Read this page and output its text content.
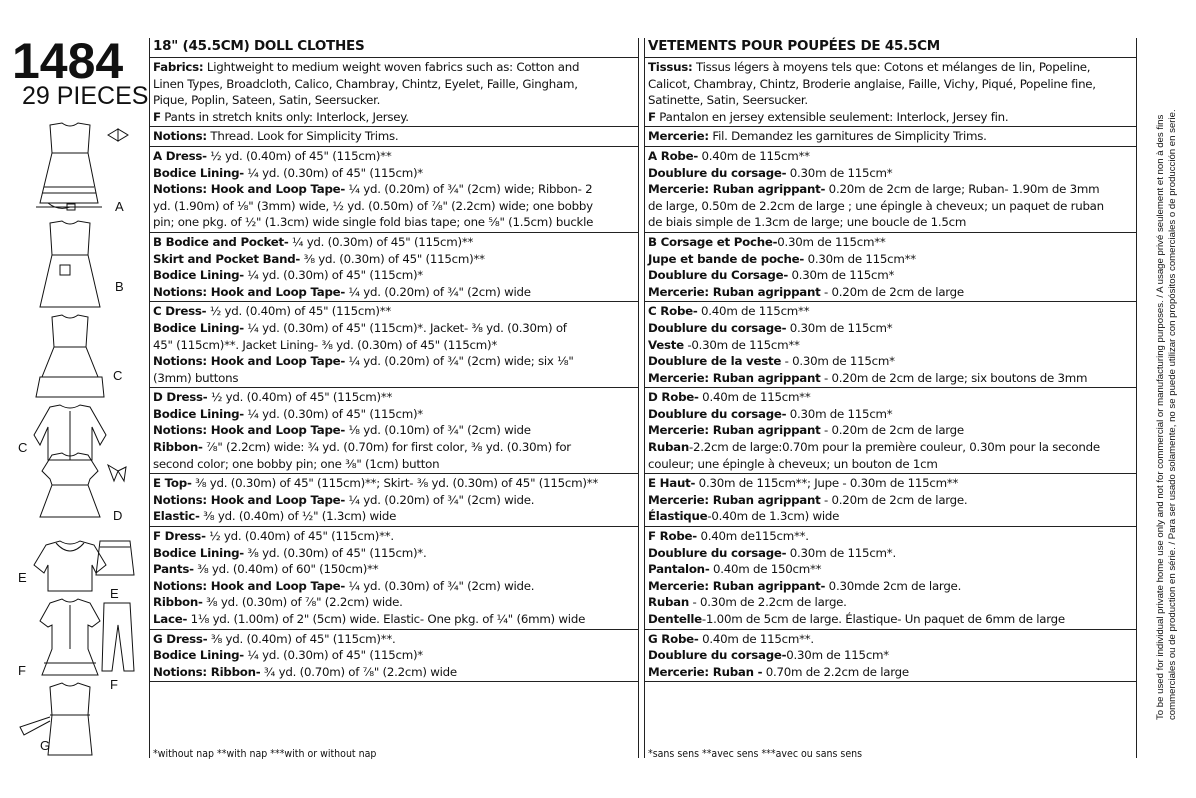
1484
29 PIECES
A
B
C
C
D
E
E
F
F
G
18" (45.5CM) DOLL CLOTHES
Fabrics: Lightweight to medium weight woven fabrics such as: Cotton and
Linen Types, Broadcloth, Calico, Chambray, Chintz, Eyelet, Faille, Gingham,
Pique, Poplin, Sateen, Satin, Seersucker.
F Pants in stretch knits only: Interlock, Jersey.
Notions: Thread. Look for Simplicity Trims.
A Dress- ½ yd. (0.40m) of 45" (115cm)**
Bodice Lining- ¼ yd. (0.30m) of 45" (115cm)*
Notions: Hook and Loop Tape- ¼ yd. (0.20m) of ¾" (2cm) wide; Ribbon- 2
yd. (1.90m) of ⅛" (3mm) wide, ½ yd. (0.50m) of ⅞" (2.2cm) wide; one bobby
pin; one pkg. of ½" (1.3cm) wide single fold bias tape; one ⅝" (1.5cm) buckle
B Bodice and Pocket- ¼ yd. (0.30m) of 45" (115cm)**
Skirt and Pocket Band- ⅜ yd. (0.30m) of 45" (115cm)**
Bodice Lining- ¼ yd. (0.30m) of 45" (115cm)*
Notions: Hook and Loop Tape- ¼ yd. (0.20m) of ¾" (2cm) wide
C Dress- ½ yd. (0.40m) of 45" (115cm)**
Bodice Lining- ¼ yd. (0.30m) of 45" (115cm)*. Jacket- ⅜ yd. (0.30m) of
45" (115cm)**. Jacket Lining- ⅜ yd. (0.30m) of 45" (115cm)*
Notions: Hook and Loop Tape- ¼ yd. (0.20m) of ¾" (2cm) wide; six ⅛"
(3mm) buttons
D Dress- ½ yd. (0.40m) of 45" (115cm)**
Bodice Lining- ¼ yd. (0.30m) of 45" (115cm)*
Notions: Hook and Loop Tape- ⅛ yd. (0.10m) of ¾" (2cm) wide
Ribbon- ⅞" (2.2cm) wide: ¾ yd. (0.70m) for first color, ⅜ yd. (0.30m) for
second color; one bobby pin; one ⅜" (1cm) button
E Top- ⅜ yd. (0.30m) of 45" (115cm)**; Skirt- ⅜ yd. (0.30m) of 45" (115cm)**
Notions: Hook and Loop Tape- ¼ yd. (0.20m) of ¾" (2cm) wide.
Elastic- ⅜ yd. (0.40m) of ½" (1.3cm) wide
F Dress- ½ yd. (0.40m) of 45" (115cm)**.
Bodice Lining- ⅜ yd. (0.30m) of 45" (115cm)*.
Pants- ⅜ yd. (0.40m) of 60" (150cm)**
Notions: Hook and Loop Tape- ¼ yd. (0.30m) of ¾" (2cm) wide.
Ribbon- ⅜ yd. (0.30m) of ⅞" (2.2cm) wide.
Lace- 1⅛ yd. (1.00m) of 2" (5cm) wide. Elastic- One pkg. of ¼" (6mm) wide
G Dress- ⅜ yd. (0.40m) of 45" (115cm)**.
Bodice Lining- ¼ yd. (0.30m) of 45" (115cm)*
Notions: Ribbon- ¾ yd. (0.70m) of ⅞" (2.2cm) wide
*without nap **with nap ***with or without nap
VETEMENTS POUR POUPÉES DE 45.5CM
Tissus: Tissus légers à moyens tels que: Cotons et mélanges de lin, Popeline,
Calicot, Chambray, Chintz, Broderie anglaise, Faille, Vichy, Piqué, Popeline fine,
Satinette, Satin, Seersucker.
F Pantalon en jersey extensible seulement: Interlock, Jersey fin.
Mercerie: Fil. Demandez les garnitures de Simplicity Trims.
A Robe- 0.40m de 115cm**
Doublure du corsage- 0.30m de 115cm*
Mercerie: Ruban agrippant- 0.20m de 2cm de large; Ruban- 1.90m de 3mm
de large, 0.50m de 2.2cm de large ; une épingle à cheveux; un paquet de ruban
de biais simple de 1.3cm de large; une boucle de 1.5cm
B Corsage et Poche-0.30m de 115cm**
Jupe et bande de poche- 0.30m de 115cm**
Doublure du Corsage- 0.30m de 115cm*
Mercerie: Ruban agrippant - 0.20m de 2cm de large
C Robe- 0.40m de 115cm**
Doublure du corsage- 0.30m de 115cm*
Veste -0.30m de 115cm**
Doublure de la veste - 0.30m de 115cm*
Mercerie: Ruban agrippant - 0.20m de 2cm de large; six boutons de 3mm
D Robe- 0.40m de 115cm**
Doublure du corsage- 0.30m de 115cm*
Mercerie: Ruban agrippant - 0.20m de 2cm de large
Ruban-2.2cm de large:0.70m pour la première couleur, 0.30m pour la seconde
couleur; une épingle à cheveux; un bouton de 1cm
E Haut- 0.30m de 115cm**; Jupe - 0.30m de 115cm**
Mercerie: Ruban agrippant - 0.20m de 2cm de large.
Élastique-0.40m de 1.3cm) wide
F Robe- 0.40m de115cm**.
Doublure du corsage- 0.30m de 115cm*.
Pantalon- 0.40m de 150cm**
Mercerie: Ruban agrippant- 0.30mde 2cm de large.
Ruban - 0.30m de 2.2cm de large.
Dentelle-1.00m de 5cm de large. Élastique- Un paquet de 6mm de large
G Robe- 0.40m de 115cm**.
Doublure du corsage-0.30m de 115cm*
Mercerie: Ruban - 0.70m de 2.2cm de large
*sans sens **avec sens ***avec ou sans sens
To be used for individual private home use only and not for commercial or manufacturing purposes. / A usage privé seulement et non à des fins commerciales ou de production en série. / Para ser usado solamente, no se puede utilizar con propósitos comerciales o de producción en serie.
